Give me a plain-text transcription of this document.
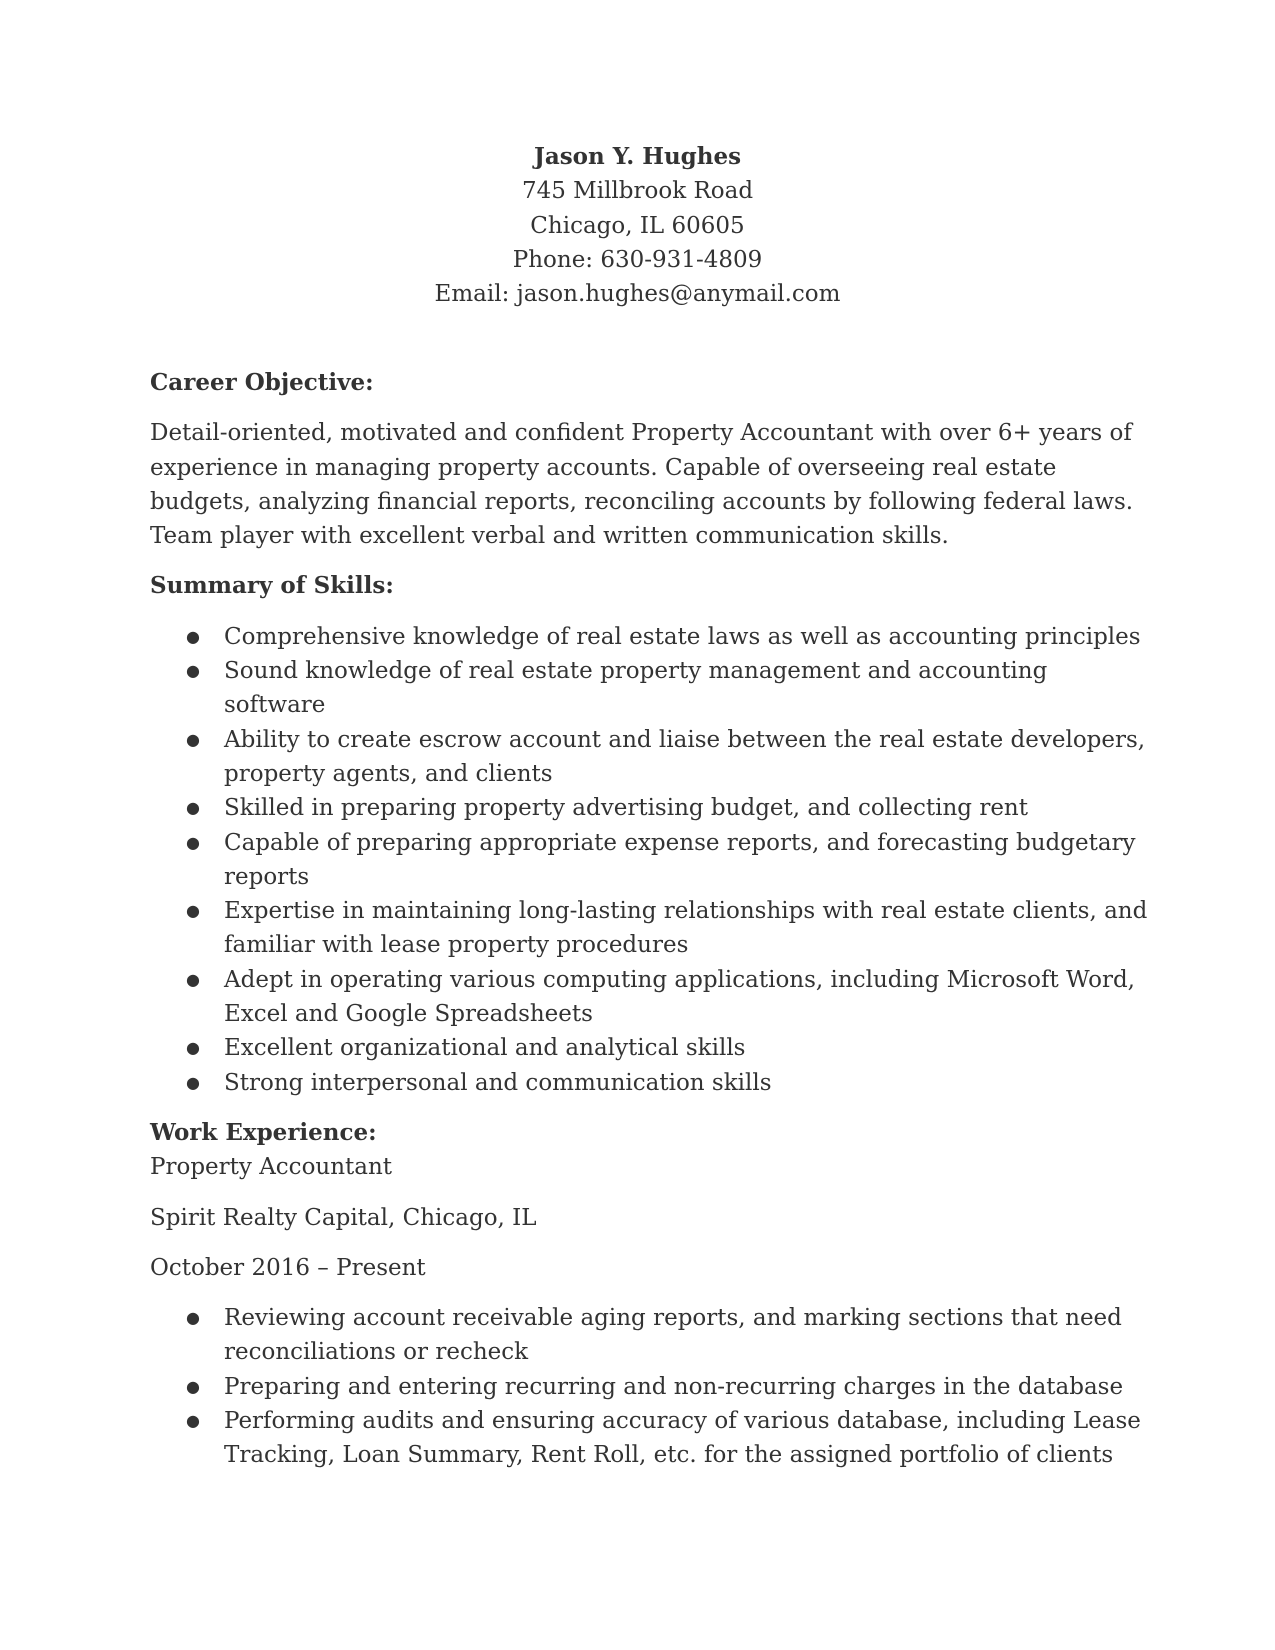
Jason Y. Hughes
745 Millbrook Road
Chicago, IL 60605
Phone: 630-931-4809
Email: jason.hughes@anymail.com
Career Objective:

Detail-oriented, motivated and confident Property Accountant with over 6+ years of experience in managing property accounts. Capable of overseeing real estate budgets, analyzing financial reports, reconciling accounts by following federal laws. Team player with excellent verbal and written communication skills.

Summary of Skills:
● Comprehensive knowledge of real estate laws as well as accounting principles
● Sound knowledge of real estate property management and accounting software
● Ability to create escrow account and liaise between the real estate developers, property agents, and clients
● Skilled in preparing property advertising budget, and collecting rent
● Capable of preparing appropriate expense reports, and forecasting budgetary reports
● Expertise in maintaining long-lasting relationships with real estate clients, and familiar with lease property procedures
● Adept in operating various computing applications, including Microsoft Word, Excel and Google Spreadsheets
● Excellent organizational and analytical skills
● Strong interpersonal and communication skills
Work Experience:

Property Accountant

Spirit Realty Capital, Chicago, IL

October 2016 – Present

● Reviewing account receivable aging reports, and marking sections that need reconciliations or recheck
● Preparing and entering recurring and non-recurring charges in the database
● Performing audits and ensuring accuracy of various database, including Lease Tracking, Loan Summary, Rent Roll, etc. for the assigned portfolio of clients
